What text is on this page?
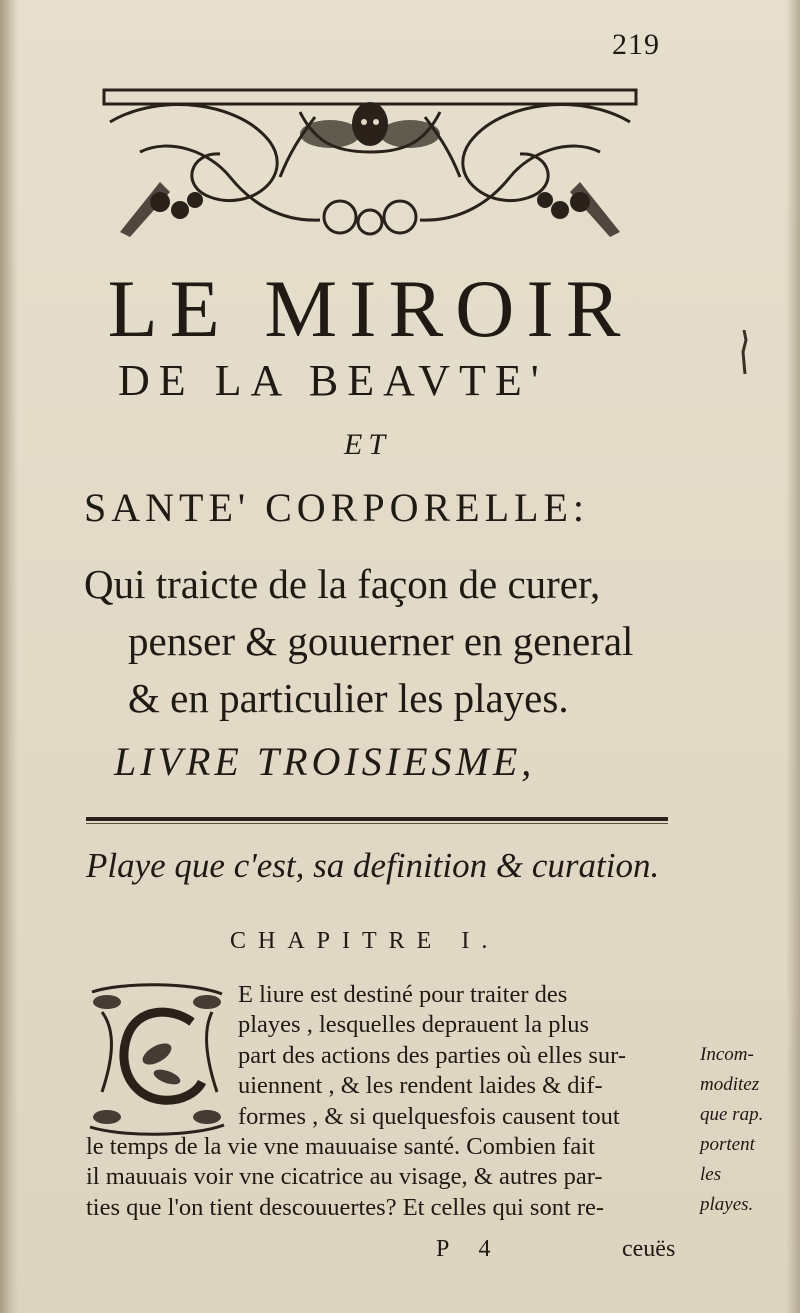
219
LE MIROIR
DE LA BEAVTE'
ET
SANTE' CORPORELLE:
Qui traicte de la façon de curer,
penser & gouuerner en general
& en particulier les playes.
LIVRE TROISIESME,
Playe que c'est, sa definition & curation.
CHAPITRE I.
E liure est destiné pour traiter des
playes , lesquelles deprauent la plus
part des actions des parties où elles sur-
uiennent , & les rendent laides & dif-
formes , & si quelquesfois causent tout
le temps de la vie vne mauuaise santé. Combien fait
il mauuais voir vne cicatrice au visage, & autres par-
ties que l'on tient descouuertes? Et celles qui sont re-
Incom-
moditez
que rap.
portent
les
playes.
P 4	ceuës
